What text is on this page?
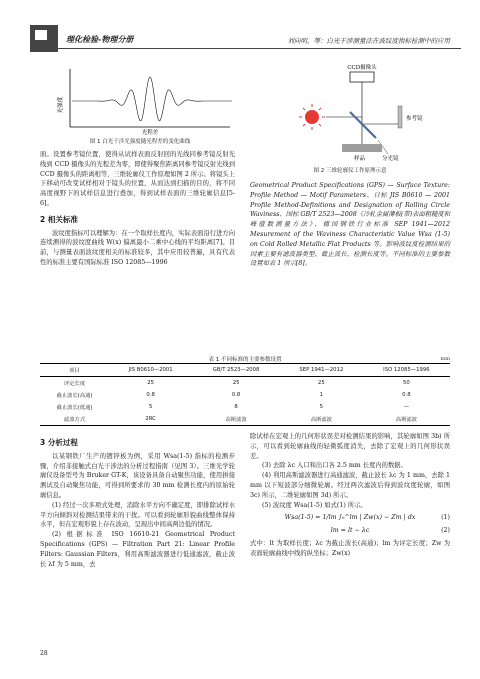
理化检验-物理分册	刘向明，等：白光干涉测量法在波纹度指标检测中的应用
光强度
光程差
图 1 白光干涉光强度随光程差的变化曲线
CCD摄像头
参考镜
分光镜
样品
图 2 三维轮廓仪工作原理示意

面。设置参考镜位置，使得从试样表面反射回的光线同参考镜反射光线到 CCD 摄像头的光程差为零，即使得聚焦距离同参考镜反射光线到 CCD 摄像头的距离相等，三维轮廓仪工作原理如图 2 所示。将镜头上下移动可改变试样相对于镜头的位置，从而达到扫描的目的，将不同高度视野下的试样信息进行叠加，得到试样表面的三维轮廓信息[5-6]。

2 相关标准

波纹度指标可以理解为：在一个取样长度内，实际表面沿行进方向连续测得的波纹度曲线 W(x) 偏离最小二乘中心线的平均距离[7]。目前，与测量表面波纹度相关的标准较多，其中应用较普遍，具有代表性的标准主要有国际标准 ISO 12085—1996

Geometrical Product Specifications (GPS) — Surface Texture: Profile Method — Motif Parameters、日标 JIS B0610 — 2001 Profile Method-Definitions and Designation of Rolling Circle Waviness、国标 GB/T 2523—2008《冷轧金属薄板(带)表面粗糙度和峰值数测量方法》、德国钢铁行业标准 SEP 1941—2012 Mesurement of the Waviness Characteristic Value Wsa (1-5) on Cold Rolled Metallic Flat Products 等。影响波纹度检测结果的因素主要有滤波器类型、截止波长、检测长度等。不同标准的主要参数设置如表 1 所示[8]。

表 1 不同标准的主要参数设置	mm
项目	JIS B0610—2001	GB/T 2523—2008	SEP 1941—2012	ISO 12085—1996
评定长度	25	25	25	50
截止波长(高通)	0.8	0.8	1	0.8
截止波长(低通)	5	8	5	—
滤波方式	2RC	高斯滤波	高斯滤波	高斯滤波

3 分析过程

以某钢铁厂生产的镀锌板为例，采用 Wsa(1-5) 指标的检测步骤，介绍非接触式白光干涉法的分析过程指南（见图 3）。三维光学轮廓仪设备型号为 Bruker GT-K，该设备具备自动聚焦功能，使用拼接测试及自动聚焦功能，可得到所要求的 30 mm 检测长度内的原始轮廓信息。

(1) 经过一次多项式处理，消除水平方向不确定度，即排除试样水平方向倾斜对检测结果带来的干扰。可以看到轮廓形貌曲线整体保持水平，但在宏观形貌上存在波动，呈现出中间高两边低的情况。

(2) 根据标准 ISO 16610-21 Geometrical Product Specifications (GPS) — Filtration Part 21: Linear Profile Filters: Gaussian Filters，利用高斯滤波器进行低通滤波，截止波长 λf 为 5 mm，去

除试样在宏观上的几何形状误差对检测结果的影响，其轮廓如图 3b) 所示，可以看到轮廓曲线的轻微弧度消失，去除了宏观上的几何形状误差。

(3) 去除 λc 入口和出口各 2.5 mm 长度内的数据。

(4) 利用高斯滤波器进行高通滤波，截止波长 λc 为 1 mm，去除 1 mm 以下短波部分细微轮廓。经过两次滤波后得到波纹度轮廓，如图 3c) 所示，二维轮廓如图 3d) 所示。

(5) 波纹度 Wsa(1-5) 如式(1) 所示。

Wsa(1-5) = 1/lm ∫₀^lm | Zw(x) − Zm | dx	(1)
lm = lt − λc	(2)

式中：lt 为取样长度；λc 为截止波长(高通)；lm 为评定长度；Zw 为表面轮廓曲线中线的纵坐标；Zw(x)

28
